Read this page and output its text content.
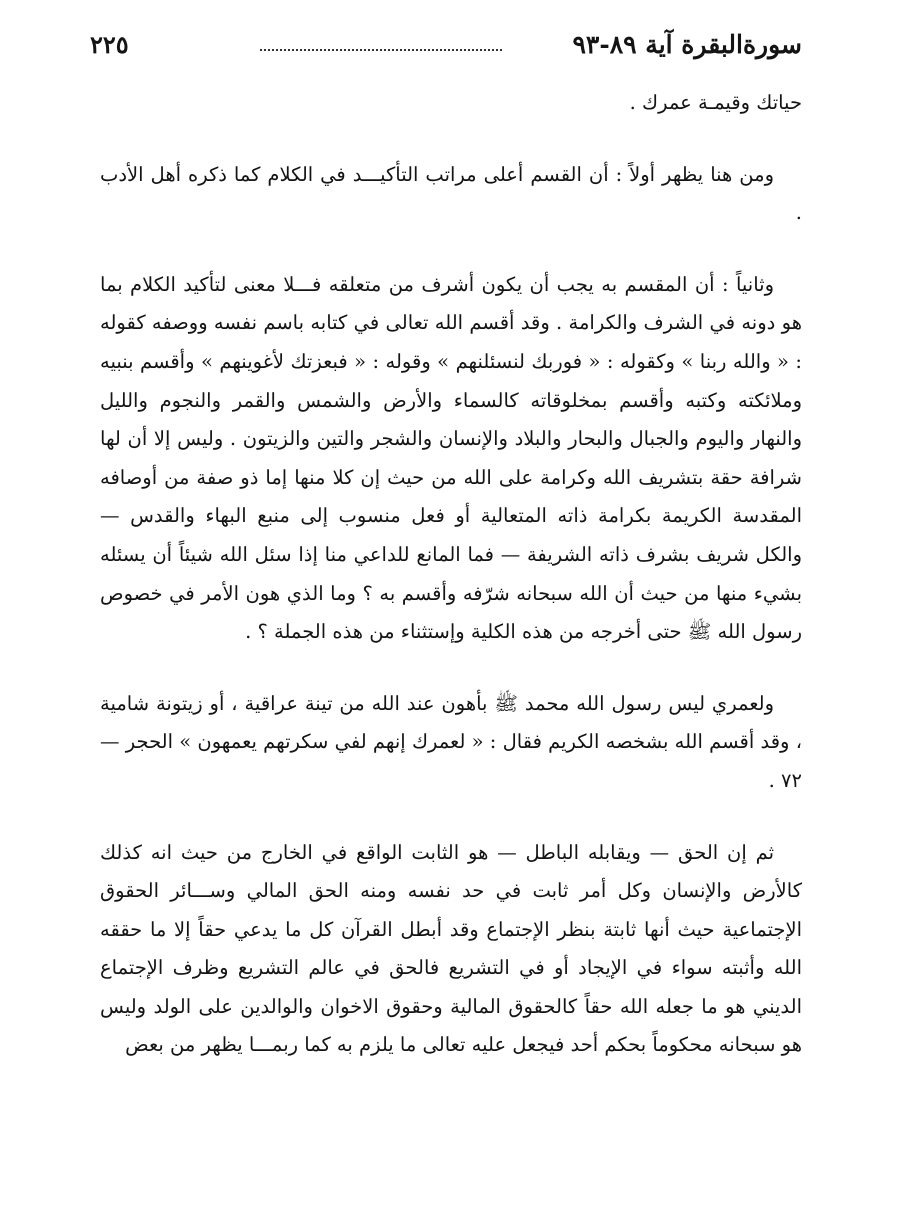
سورةالبقرة آية ٨٩-٩٣
٢٢٥

حياتك وقيمـة عمرك .

ومن هنا يظهر أولاً : أن القسم أعلى مراتب التأكيـــد في الكلام كما ذكره أهل الأدب .

وثانياً : أن المقسم به يجب أن يكون أشرف من متعلقه فـــلا معنى لتأكيد الكلام بما هو دونه في الشرف والكرامة . وقد أقسم الله تعالى في كتابه باسم نفسه ووصفه كقوله : « والله ربنا » وكقوله : « فوربك لنسئلنهم » وقوله : « فبعزتك لأغوينهم » وأقسم بنبيه وملائكته وكتبه وأقسم بمخلوقاته كالسماء والأرض والشمس والقمر والنجوم والليل والنهار واليوم والجبال والبحار والبلاد والإنسان والشجر والتين والزيتون . وليس إلا أن لها شرافة حقة بتشريف الله وكرامة على الله من حيث إن كلا منها إما ذو صفة من أوصافه المقدسة الكريمة بكرامة ذاته المتعالية أو فعل منسوب إلى منبع البهاء والقدس — والكل شريف بشرف ذاته الشريفة — فما المانع للداعي منا إذا سئل الله شيئاً أن يسئله بشيء منها من حيث أن الله سبحانه شرّفه وأقسم به ؟ وما الذي هون الأمر في خصوص رسول الله ﷺ حتى أخرجه من هذه الكلية وإستثناء من هذه الجملة ؟ .

ولعمري ليس رسول الله محمد ﷺ بأهون عند الله من تينة عراقية ، أو زيتونة شامية ، وقد أقسم الله بشخصه الكريم فقال : « لعمرك إنهم لفي سكرتهم يعمهون » الحجر — ٧٢ .

ثم إن الحق — ويقابله الباطل — هو الثابت الواقع في الخارج من حيث انه كذلك كالأرض والإنسان وكل أمر ثابت في حد نفسه ومنه الحق المالي وســـائر الحقوق الإجتماعية حيث أنها ثابتة بنظر الإجتماع وقد أبطل القرآن كل ما يدعي حقاً إلا ما حققه الله وأثبته سواء في الإيجاد أو في التشريع فالحق في عالم التشريع وظرف الإجتماع الديني هو ما جعله الله حقاً كالحقوق المالية وحقوق الاخوان والوالدين على الولد وليس هو سبحانه محكوماً بحكم أحد فيجعل عليه تعالى ما يلزم به كما ربمـــا يظهر من بعض
